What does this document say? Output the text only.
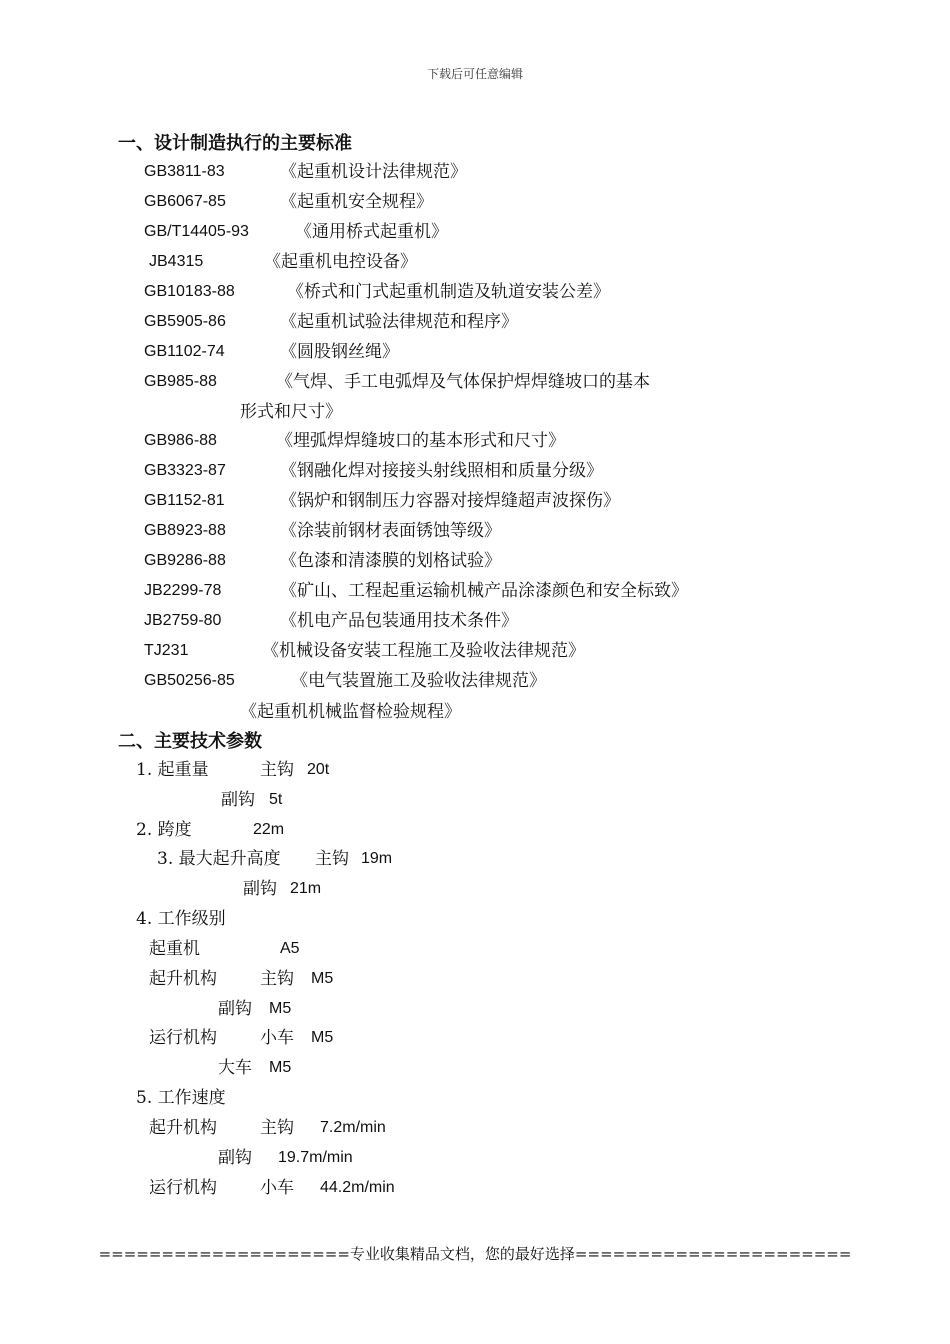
下载后可任意编辑
一、设计制造执行的主要标准
GB3811-83	《起重机设计法律规范》
GB6067-85	《起重机安全规程》
GB/T14405-93	《通用桥式起重机》
JB4315	《起重机电控设备》
GB10183-88	《桥式和门式起重机制造及轨道安装公差》
GB5905-86	《起重机试验法律规范和程序》
GB1102-74	《圆股钢丝绳》
GB985-88	《气焊、手工电弧焊及气体保护焊焊缝坡口的基本
形式和尺寸》
GB986-88	《埋弧焊焊缝坡口的基本形式和尺寸》
GB3323-87	《钢融化焊对接接头射线照相和质量分级》
GB1152-81	《锅炉和钢制压力容器对接焊缝超声波探伤》
GB8923-88	《涂装前钢材表面锈蚀等级》
GB9286-88	《色漆和清漆膜的划格试验》
JB2299-78	《矿山、工程起重运输机械产品涂漆颜色和安全标致》
JB2759-80	《机电产品包装通用技术条件》
TJ231	《机械设备安装工程施工及验收法律规范》
GB50256-85	《电气装置施工及验收法律规范》
《起重机机械监督检验规程》
二、主要技术参数
1. 起重量	主钩 20t
副钩 5t
2. 跨度	22m
3. 最大起升高度 主钩 19m
副钩 21m
4. 工作级别
起重机	A5
起升机构	主钩 M5
副钩 M5
运行机构	小车 M5
大车 M5
5. 工作速度
起升机构	主钩 7.2m/min
副钩 19.7m/min
运行机构	小车 44.2m/min
====================专业收集精品文档，您的最好选择======================
